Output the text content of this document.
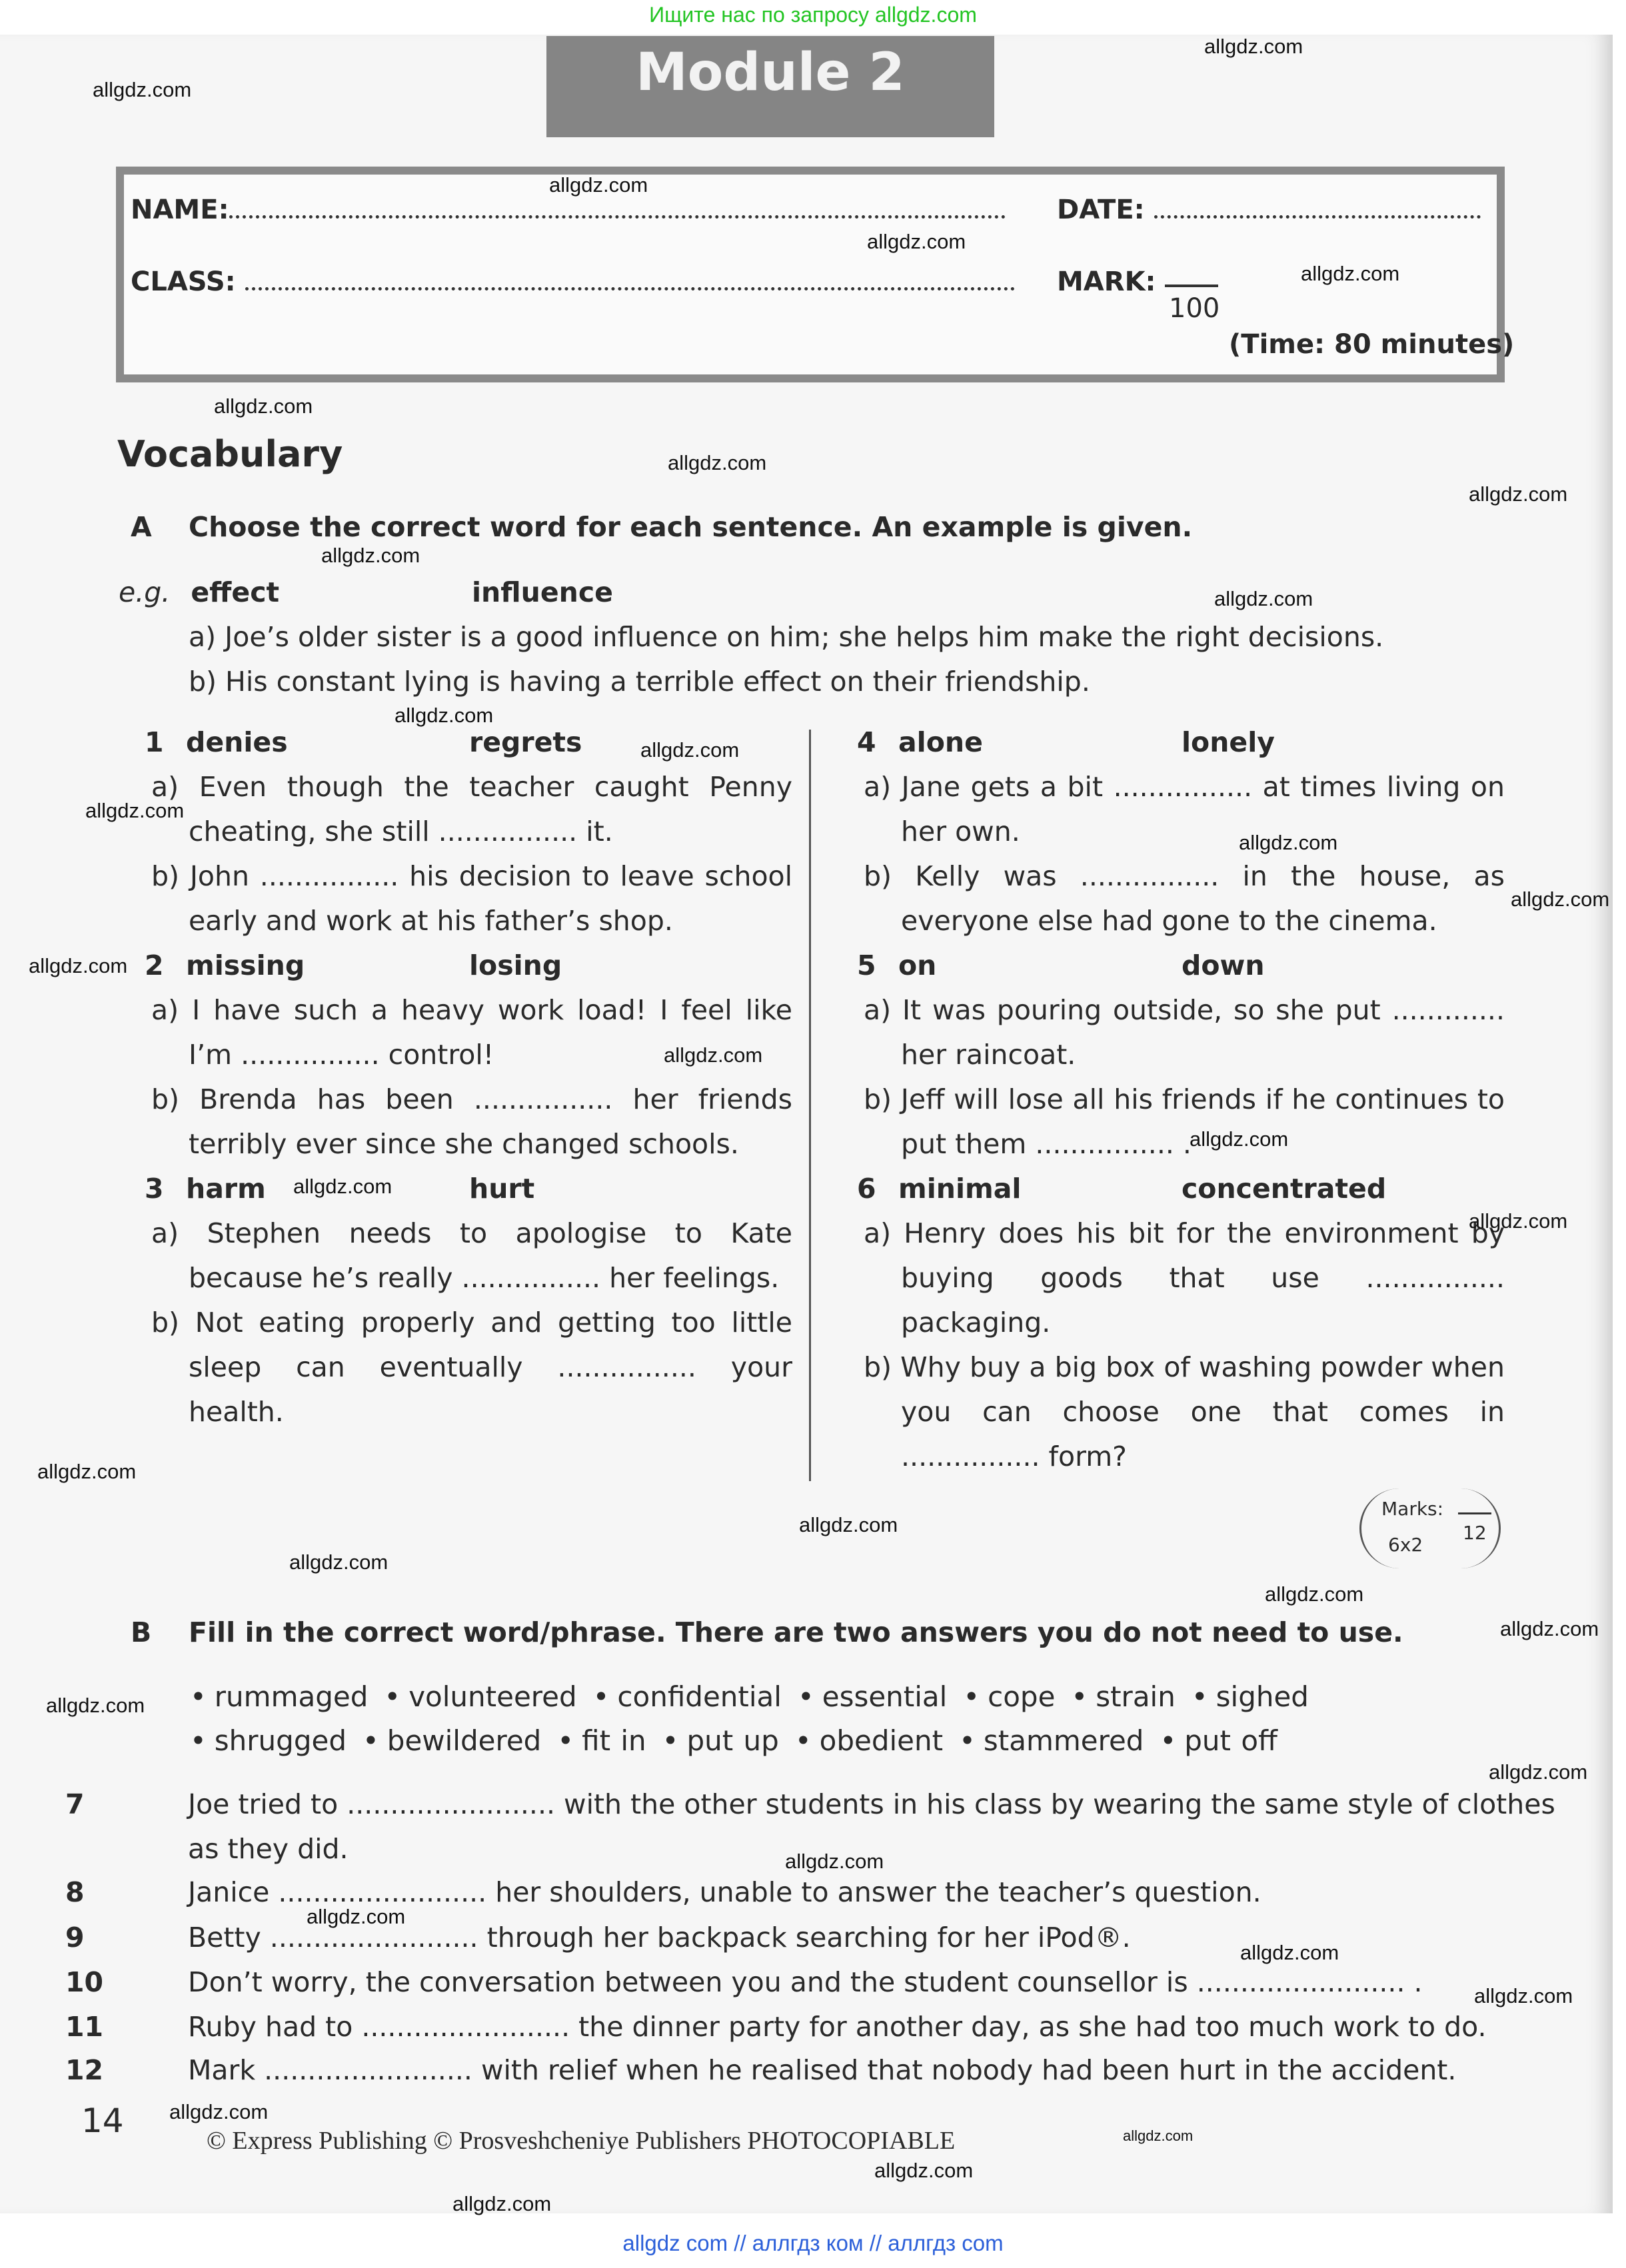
Ищите нас по запросу allgdz.com
Module 2
NAME:	DATE:
CLASS:	MARK:
100
(Time: 80 minutes)
Vocabulary
A Choose the correct word for each sentence. An example is given.
e.g. effect	influence
a) Joe’s older sister is a good influence on him; she helps him make the right decisions.
b) His constant lying is having a terrible effect on their friendship.
1 denies	regrets

a) Even though the teacher caught Penny cheating, she still ................ it.

b) John ................ his decision to leave school early and work at his father’s shop.

2 missing	losing

a) I have such a heavy work load! I feel like I’m ................ control!

b) Brenda has been ................ her friends terribly ever since she changed schools.

3 harm	hurt

a) Stephen needs to apologise to Kate because he’s really ................ her feelings.

b) Not eating properly and getting too little sleep can eventually ................ your health.

4 alone	lonely

a) Jane gets a bit ................ at times living on her own.

b) Kelly was ................ in the house, as everyone else had gone to the cinema.

5 on	down

a) It was pouring outside, so she put ............. her raincoat.

b) Jeff will lose all his friends if he continues to put them ................ .

6 minimal	concentrated

a) Henry does his bit for the environment by buying goods that use ................ packaging.

b) Why buy a big box of washing powder when you can choose one that comes in ................ form?

Marks:
6x2
12
B Fill in the correct word/phrase. There are two answers you do not need to use.
• rummaged • volunteered • confidential • essential • cope • strain • sighed
• shrugged • bewildered • fit in • put up • obedient • stammered • put off
7	Joe tried to ........................ with the other students in his class by wearing the same style of clothes as they did.
8	Janice ........................ her shoulders, unable to answer the teacher’s question.
9	Betty ........................ through her backpack searching for her iPod®.
10	Don’t worry, the conversation between you and the student counsellor is ........................ .
11	Ruby had to ........................ the dinner party for another day, as she had too much work to do.
12	Mark ........................ with relief when he realised that nobody had been hurt in the accident.
14
© Express Publishing © Prosveshcheniye Publishers PHOTOCOPIABLE
allgdz com // аллгдз ком // аллгдз com
allgdz.com
allgdz.com
allgdz.com
allgdz.com
allgdz.com
allgdz.com
allgdz.com
allgdz.com
allgdz.com
allgdz.com
allgdz.com
allgdz.com
allgdz.com
allgdz.com
allgdz.com
allgdz.com
allgdz.com
allgdz.com
allgdz.com
allgdz.com
allgdz.com
allgdz.com
allgdz.com
allgdz.com
allgdz.com
allgdz.com
allgdz.com
allgdz.com
allgdz.com
allgdz.com
allgdz.com
allgdz.com
allgdz.com
allgdz.com
allgdz.com
